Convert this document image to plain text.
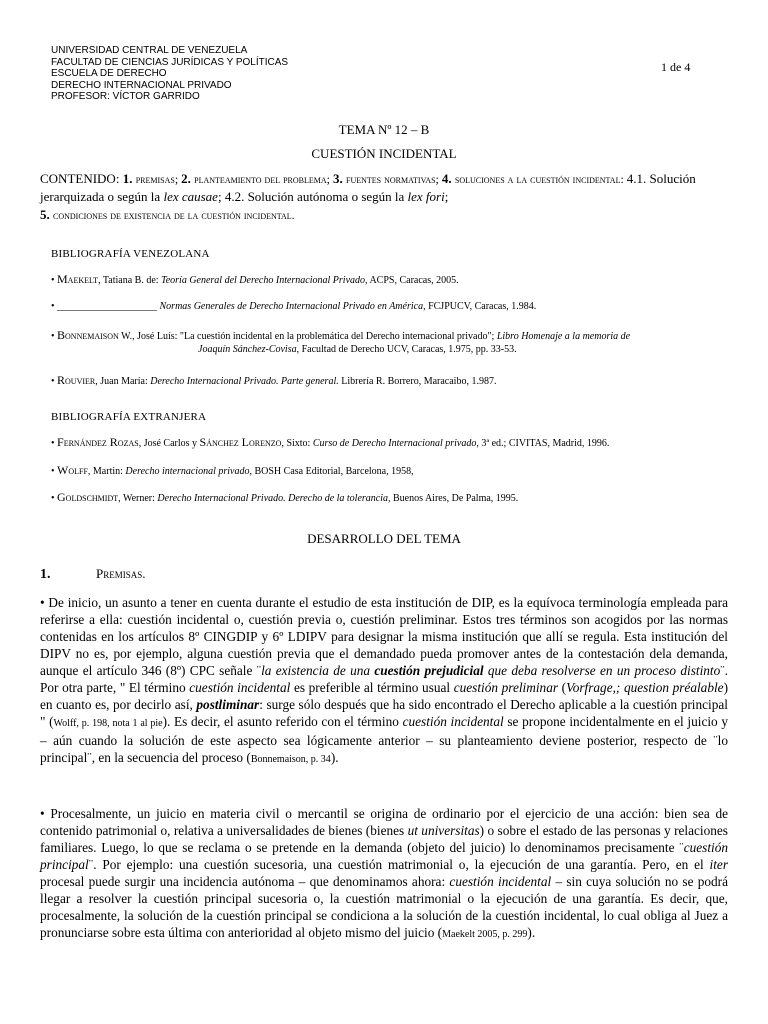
UNIVERSIDAD CENTRAL DE VENEZUELA
FACULTAD DE CIENCIAS JURÍDICAS Y POLÍTICAS
ESCUELA DE DERECHO
DERECHO INTERNACIONAL PRIVADO
PROFESOR: VÍCTOR GARRIDO
1 de 4
TEMA Nº 12 – B
CUESTIÓN INCIDENTAL
CONTENIDO: 1. premisas; 2. planteamiento del problema; 3. fuentes normativas; 4. soluciones a la cuestión incidental: 4.1. Solución jerarquizada o según la lex causae; 4.2. Solución autónoma o según la lex fori;
5. condiciones de existencia de la cuestión incidental.
BIBLIOGRAFÍA VENEZOLANA
• Maekelt, Tatiana B. de: Teoría General del Derecho Internacional Privado, ACPS, Caracas, 2005.
• ____________________ Normas Generales de Derecho Internacional Privado en América, FCJPUCV, Caracas, 1.984.
• Bonnemaison W., José Luís: "La cuestión incidental en la problemática del Derecho internacional privado"; Libro Homenaje a la memoria de
Joaquín Sánchez-Covisa, Facultad de Derecho UCV, Caracas, 1.975, pp. 33-53.
• Rouvier, Juan María: Derecho Internacional Privado. Parte general. Librería R. Borrero, Maracaibo, 1.987.
BIBLIOGRAFÍA EXTRANJERA
• Fernández Rozas, José Carlos y Sánchez Lorenzo, Sixto: Curso de Derecho Internacional privado, 3ª ed.; CIVITAS, Madrid, 1996.
• Wolff, Martin: Derecho internacional privado, BOSH Casa Editorial, Barcelona, 1958,
• Goldschmidt, Werner: Derecho Internacional Privado. Derecho de la tolerancia, Buenos Aires, De Palma, 1995.
DESARROLLO DEL TEMA
1.	Premisas.
• De inicio, un asunto a tener en cuenta durante el estudio de esta institución de DIP, es la equívoca terminología empleada para referirse a ella: cuestión incidental o, cuestión previa o, cuestión preliminar. Estos tres términos son acogidos por las normas contenidas en los artículos 8º CINGDIP y 6º LDIPV para designar la misma institución que allí se regula. Esta institución del DIPV no es, por ejemplo, alguna cuestión previa que el demandado pueda promover antes de la contestación dela demanda, aunque el artículo 346 (8º) CPC señale ¨la existencia de una cuestión prejudicial que deba resolverse en un proceso distinto¨. Por otra parte, " El término cuestión incidental es preferible al término usual cuestión preliminar (Vorfrage,; question préalable) en cuanto es, por decirlo así, postliminar: surge sólo después que ha sido encontrado el Derecho aplicable a la cuestión principal " (Wolff, p. 198, nota 1 al pie). Es decir, el asunto referido con el término cuestión incidental se propone incidentalmente en el juicio y – aún cuando la solución de este aspecto sea lógicamente anterior – su planteamiento deviene posterior, respecto de ¨lo principal¨, en la secuencia del proceso (Bonnemaison, p. 34).
• Procesalmente, un juicio en materia civil o mercantil se origina de ordinario por el ejercicio de una acción: bien sea de contenido patrimonial o, relativa a universalidades de bienes (bienes ut universitas) o sobre el estado de las personas y relaciones familiares. Luego, lo que se reclama o se pretende en la demanda (objeto del juicio) lo denominamos precisamente ¨cuestión principal¨. Por ejemplo: una cuestión sucesoria, una cuestión matrimonial o, la ejecución de una garantía. Pero, en el iter procesal puede surgir una incidencia autónoma – que denominamos ahora: cuestión incidental – sin cuya solución no se podrá llegar a resolver la cuestión principal sucesoria o, la cuestión matrimonial o la ejecución de una garantía. Es decir, que, procesalmente, la solución de la cuestión principal se condiciona a la solución de la cuestión incidental, lo cual obliga al Juez a pronunciarse sobre esta última con anterioridad al objeto mismo del juicio (Maekelt 2005, p. 299).
